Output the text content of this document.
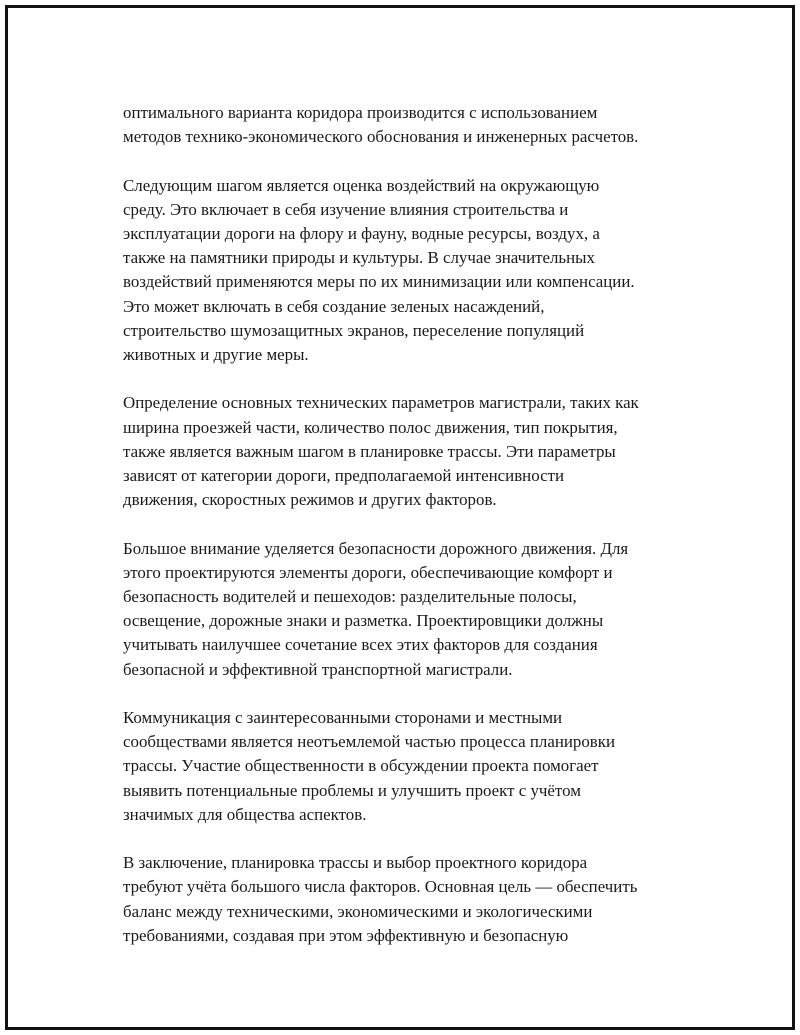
оптимального варианта коридора производится с использованием
методов технико-экономического обоснования и инженерных расчетов.

Следующим шагом является оценка воздействий на окружающую
среду. Это включает в себя изучение влияния строительства и
эксплуатации дороги на флору и фауну, водные ресурсы, воздух, а
также на памятники природы и культуры. В случае значительных
воздействий применяются меры по их минимизации или компенсации.
Это может включать в себя создание зеленых насаждений,
строительство шумозащитных экранов, переселение популяций
животных и другие меры.

Определение основных технических параметров магистрали, таких как
ширина проезжей части, количество полос движения, тип покрытия,
также является важным шагом в планировке трассы. Эти параметры
зависят от категории дороги, предполагаемой интенсивности
движения, скоростных режимов и других факторов.

Большое внимание уделяется безопасности дорожного движения. Для
этого проектируются элементы дороги, обеспечивающие комфорт и
безопасность водителей и пешеходов: разделительные полосы,
освещение, дорожные знаки и разметка. Проектировщики должны
учитывать наилучшее сочетание всех этих факторов для создания
безопасной и эффективной транспортной магистрали.

Коммуникация с заинтересованными сторонами и местными
сообществами является неотъемлемой частью процесса планировки
трассы. Участие общественности в обсуждении проекта помогает
выявить потенциальные проблемы и улучшить проект с учётом
значимых для общества аспектов.

В заключение, планировка трассы и выбор проектного коридора
требуют учёта большого числа факторов. Основная цель — обеспечить
баланс между техническими, экономическими и экологическими
требованиями, создавая при этом эффективную и безопасную
